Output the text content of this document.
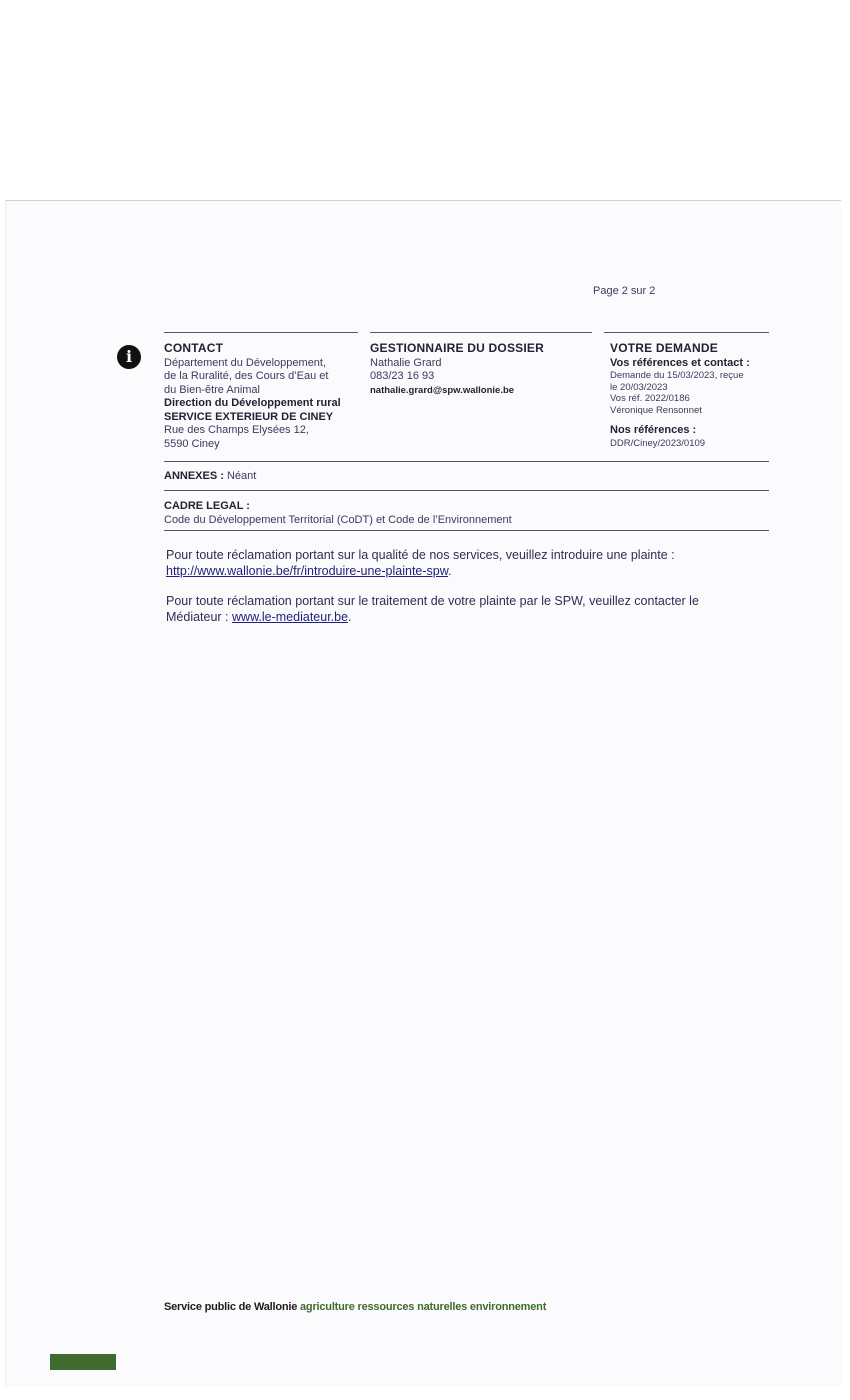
Page 2 sur 2
i	CONTACT
Département du Développement,
de la Ruralité, des Cours d’Eau et
du Bien-être Animal
Direction du Développement rural
SERVICE EXTERIEUR DE CINEY
Rue des Champs Elysées 12,
5590 Ciney
GESTIONNAIRE DU DOSSIER
Nathalie Grard
083/23 16 93
nathalie.grard@spw.wallonie.be
VOTRE DEMANDE
Vos références et contact :
Demande du 15/03/2023, reçue
le 20/03/2023
Vos réf. 2022/0186
Véronique Rensonnet
Nos références :
DDR/Ciney/2023/0109
ANNEXES : Néant
CADRE LEGAL :
Code du Développement Territorial (CoDT) et Code de l’Environnement
Pour toute réclamation portant sur la qualité de nos services, veuillez introduire une plainte :
http://www.wallonie.be/fr/introduire-une-plainte-spw.
Pour toute réclamation portant sur le traitement de votre plainte par le SPW, veuillez contacter le Médiateur : www.le-mediateur.be.
Service public de Wallonie agriculture ressources naturelles environnement
